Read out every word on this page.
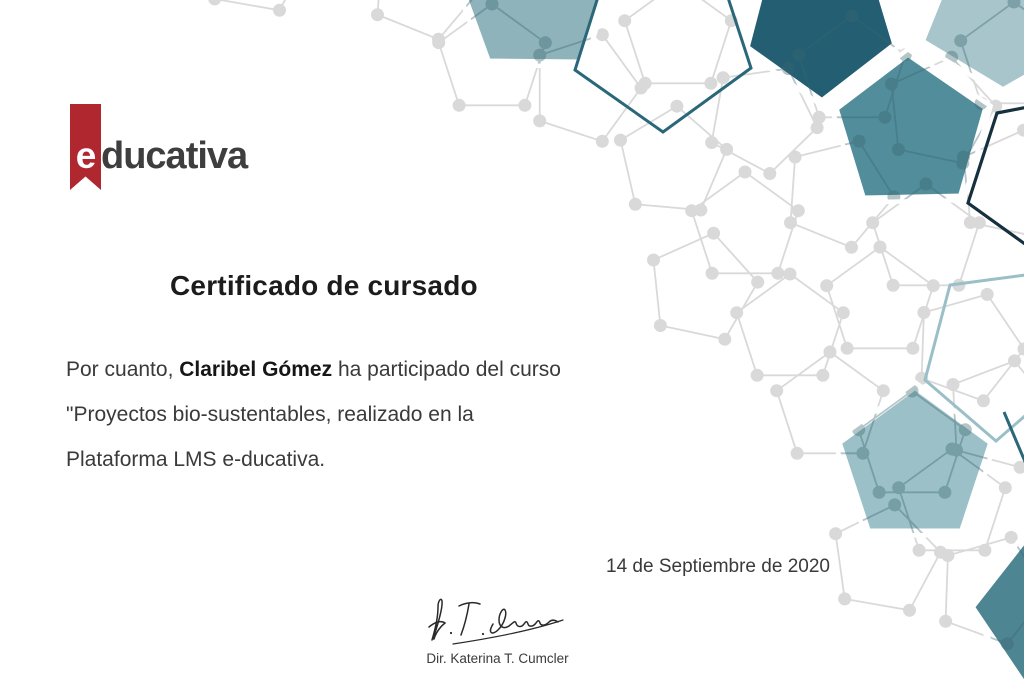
e ducativa
Certificado de cursado
Por cuanto, Claribel Gómez ha participado del curso
"Proyectos bio-sustentables, realizado en la
Plataforma LMS e-ducativa.
14 de Septiembre de 2020
Dir. Katerina T. Cumcler
